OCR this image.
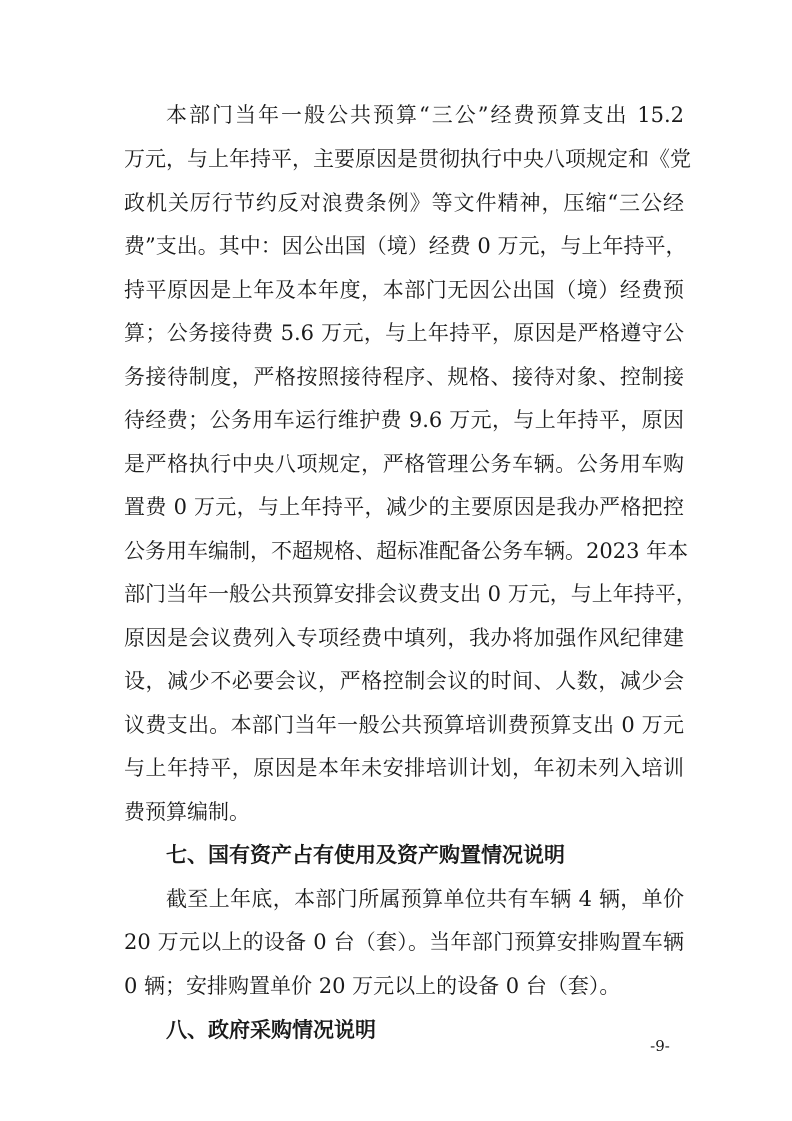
本部门当年一般公共预算“三公”经费预算支出 15.2
万元，与上年持平，主要原因是贯彻执行中央八项规定和《党
政机关厉行节约反对浪费条例》等文件精神，压缩“三公经
费”支出。其中：因公出国（境）经费 0 万元，与上年持平，
持平原因是上年及本年度，本部门无因公出国（境）经费预
算；公务接待费 5.6 万元，与上年持平，原因是严格遵守公
务接待制度，严格按照接待程序、规格、接待对象、控制接
待经费；公务用车运行维护费 9.6 万元，与上年持平，原因
是严格执行中央八项规定，严格管理公务车辆。公务用车购
置费 0 万元，与上年持平，减少的主要原因是我办严格把控
公务用车编制，不超规格、超标准配备公务车辆。2023 年本
部门当年一般公共预算安排会议费支出 0 万元，与上年持平，
原因是会议费列入专项经费中填列，我办将加强作风纪律建
设，减少不必要会议，严格控制会议的时间、人数，减少会
议费支出。本部门当年一般公共预算培训费预算支出 0 万元
与上年持平，原因是本年未安排培训计划，年初未列入培训
费预算编制。
七、国有资产占有使用及资产购置情况说明
截至上年底，本部门所属预算单位共有车辆 4 辆，单价
20 万元以上的设备 0 台（套）。当年部门预算安排购置车辆
0 辆；安排购置单价 20 万元以上的设备 0 台（套）。
八、政府采购情况说明
-9-
